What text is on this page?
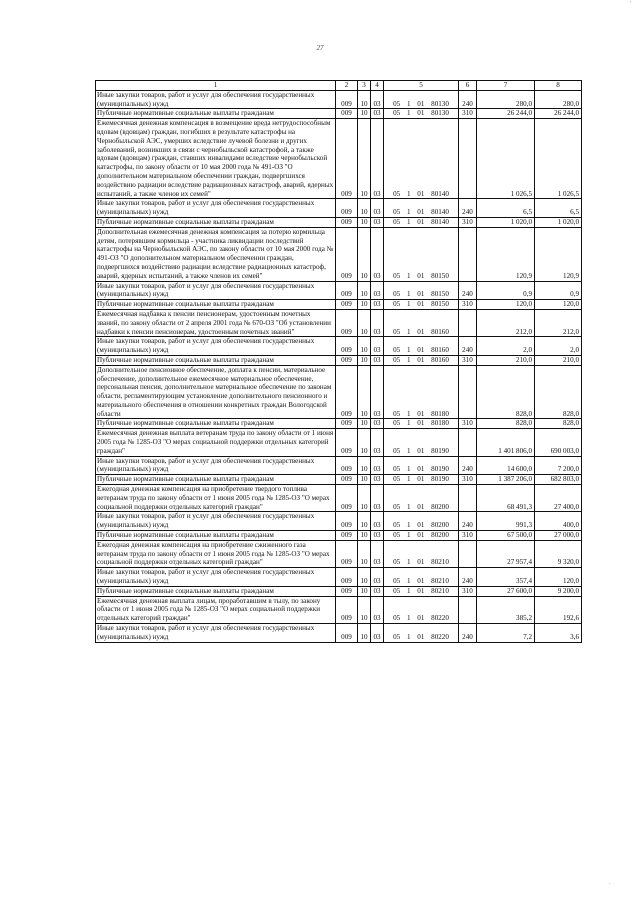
27
1	2	3	4	5	6	7	8
Иные закупки товаров, работ и услуг для обеспечения государственных (муниципальных) нужд	009	10	03	05 1 01 80130	240	280,0	280,0
Публичные нормативные социальные выплаты гражданам	009	10	03	05 1 01 80130	310	26 244,0	26 244,0
Ежемесячная денежная компенсация в возмещение вреда нетрудоспособным вдовам (вдовцам) граждан, погибших в результате катастрофы на Чернобыльской АЭС, умерших вследствие лучевой болезни и других заболеваний, возникших в связи с чернобыльской катастрофой, а также вдовам (вдовцам) граждан, ставших инвалидами вследствие чернобыльской катастрофы, по закону области от 10 мая 2000 года № 491-ОЗ "О дополнительном материальном обеспечении граждан, подвергшихся воздействию радиации вследствие радиационных катастроф, аварий, ядерных испытаний, а также членов их семей"	009	10	03	05 1 01 80140		1 026,5	1 026,5
Иные закупки товаров, работ и услуг для обеспечения государственных (муниципальных) нужд	009	10	03	05 1 01 80140	240	6,5	6,5
Публичные нормативные социальные выплаты гражданам	009	10	03	05 1 01 80140	310	1 020,0	1 020,0
Дополнительная ежемесячная денежная компенсация за потерю кормильца детям, потерявшим кормильца - участника ликвидации последствий катастрофы на Чернобыльской АЭС, по закону области от 10 мая 2000 года № 491-ОЗ "О дополнительном материальном обеспечении граждан, подвергшихся воздействию радиации вследствие радиационных катастроф, аварий, ядерных испытаний, а также членов их семей"	009	10	03	05 1 01 80150		120,9	120,9
Иные закупки товаров, работ и услуг для обеспечения государственных (муниципальных) нужд	009	10	03	05 1 01 80150	240	0,9	0,9
Публичные нормативные социальные выплаты гражданам	009	10	03	05 1 01 80150	310	120,0	120,0
Ежемесячная надбавка к пенсии пенсионерам, удостоенным почетных званий, по закону области от 2 апреля 2001 года № 670-ОЗ "Об установлении надбавки к пенсии пенсионерам, удостоенным почетных званий"	009	10	03	05 1 01 80160		212,0	212,0
Иные закупки товаров, работ и услуг для обеспечения государственных (муниципальных) нужд	009	10	03	05 1 01 80160	240	2,0	2,0
Публичные нормативные социальные выплаты гражданам	009	10	03	05 1 01 80160	310	210,0	210,0
Дополнительное пенсионное обеспечение, доплата к пенсии, материальное обеспечение, дополнительное ежемесячное материальное обеспечение, персональная пенсия, дополнительное материальное обеспечение по законам области, регламентирующим установление дополнительного пенсионного и материального обеспечения в отношении конкретных граждан Вологодской области	009	10	03	05 1 01 80180		828,0	828,0
Публичные нормативные социальные выплаты гражданам	009	10	03	05 1 01 80180	310	828,0	828,0
Ежемесячная денежная выплата ветеранам труда по закону области от 1 июня 2005 года № 1285-ОЗ "О мерах социальной поддержки отдельных категорий граждан"	009	10	03	05 1 01 80190		1 401 806,0	690 003,0
Иные закупки товаров, работ и услуг для обеспечения государственных (муниципальных) нужд	009	10	03	05 1 01 80190	240	14 600,0	7 200,0
Публичные нормативные социальные выплаты гражданам	009	10	03	05 1 01 80190	310	1 387 206,0	682 803,0
Ежегодная денежная компенсация на приобретение твердого топлива ветеранам труда по закону области от 1 июня 2005 года № 1285-ОЗ "О мерах социальной поддержки отдельных категорий граждан"	009	10	03	05 1 01 80200		68 491,3	27 400,0
Иные закупки товаров, работ и услуг для обеспечения государственных (муниципальных) нужд	009	10	03	05 1 01 80200	240	991,3	400,0
Публичные нормативные социальные выплаты гражданам	009	10	03	05 1 01 80200	310	67 500,0	27 000,0
Ежегодная денежная компенсация на приобретение сжиженного газа ветеранам труда по закону области от 1 июня 2005 года № 1285-ОЗ "О мерах социальной поддержки отдельных категорий граждан"	009	10	03	05 1 01 80210		27 957,4	9 320,0
Иные закупки товаров, работ и услуг для обеспечения государственных (муниципальных) нужд	009	10	03	05 1 01 80210	240	357,4	120,0
Публичные нормативные социальные выплаты гражданам	009	10	03	05 1 01 80210	310	27 600,0	9 200,0
Ежемесячная денежная выплата лицам, проработавшим в тылу, по закону области от 1 июня 2005 года № 1285-ОЗ "О мерах социальной поддержки отдельных категорий граждан"	009	10	03	05 1 01 80220		385,2	192,6
Иные закупки товаров, работ и услуг для обеспечения государственных (муниципальных) нужд	009	10	03	05 1 01 80220	240	7,2	3,6
'
.
